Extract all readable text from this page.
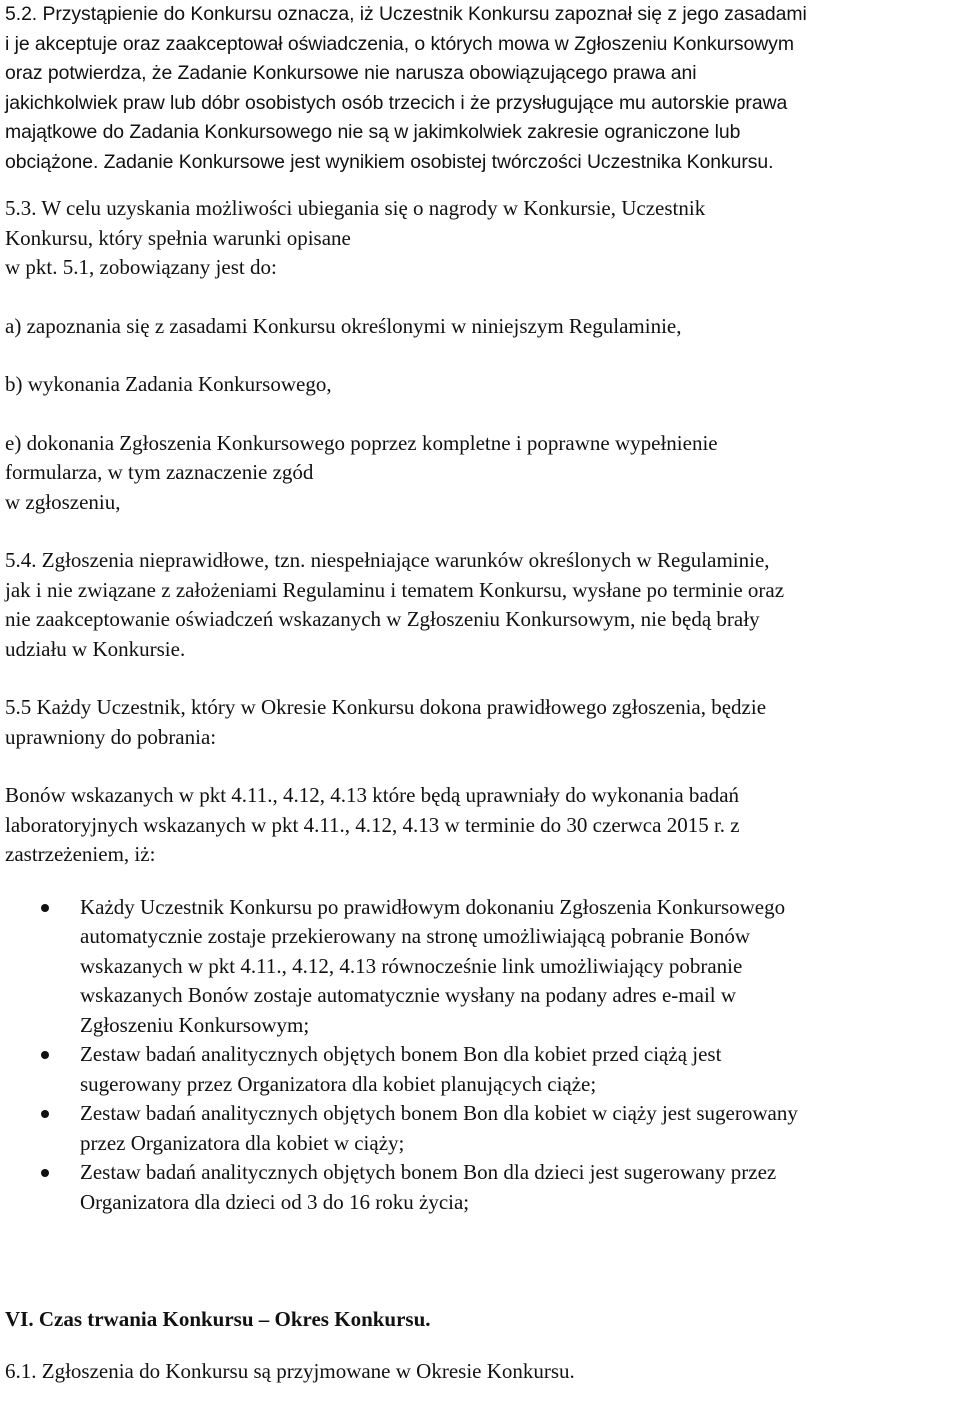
5.2. Przystąpienie do Konkursu oznacza, iż Uczestnik Konkursu zapoznał się z jego zasadami
i je akceptuje oraz zaakceptował oświadczenia, o których mowa w Zgłoszeniu Konkursowym
oraz potwierdza, że Zadanie Konkursowe nie narusza obowiązującego prawa ani
jakichkolwiek praw lub dóbr osobistych osób trzecich i że przysługujące mu autorskie prawa
majątkowe do Zadania Konkursowego nie są w jakimkolwiek zakresie ograniczone lub
obciążone. Zadanie Konkursowe jest wynikiem osobistej twórczości Uczestnika Konkursu.
5.3. W celu uzyskania możliwości ubiegania się o nagrody w Konkursie, Uczestnik
Konkursu, który spełnia warunki opisane
w pkt. 5.1, zobowiązany jest do:
a) zapoznania się z zasadami Konkursu określonymi w niniejszym Regulaminie,
b) wykonania Zadania Konkursowego,
e) dokonania Zgłoszenia Konkursowego poprzez kompletne i poprawne wypełnienie
formularza, w tym zaznaczenie zgód
w zgłoszeniu,
5.4. Zgłoszenia nieprawidłowe, tzn. niespełniające warunków określonych w Regulaminie,
jak i nie związane z założeniami Regulaminu i tematem Konkursu, wysłane po terminie oraz
nie zaakceptowanie oświadczeń wskazanych w Zgłoszeniu Konkursowym, nie będą brały
udziału w Konkursie.
5.5 Każdy Uczestnik, który w Okresie Konkursu dokona prawidłowego zgłoszenia, będzie
uprawniony do pobrania:
Bonów wskazanych w pkt 4.11., 4.12, 4.13 które będą uprawniały do wykonania badań
laboratoryjnych wskazanych w pkt 4.11., 4.12, 4.13 w terminie do 30 czerwca 2015 r. z
zastrzeżeniem, iż:
Każdy Uczestnik Konkursu po prawidłowym dokonaniu Zgłoszenia Konkursowego
automatycznie zostaje przekierowany na stronę umożliwiającą pobranie Bonów
wskazanych w pkt 4.11., 4.12, 4.13 równocześnie link umożliwiający pobranie
wskazanych Bonów zostaje automatycznie wysłany na podany adres e-mail w
Zgłoszeniu Konkursowym;
Zestaw badań analitycznych objętych bonem Bon dla kobiet przed ciążą jest
sugerowany przez Organizatora dla kobiet planujących ciąże;
Zestaw badań analitycznych objętych bonem Bon dla kobiet w ciąży jest sugerowany
przez Organizatora dla kobiet w ciąży;
Zestaw badań analitycznych objętych bonem Bon dla dzieci jest sugerowany przez
Organizatora dla dzieci od 3 do 16 roku życia;
VI. Czas trwania Konkursu – Okres Konkursu.
6.1. Zgłoszenia do Konkursu są przyjmowane w Okresie Konkursu.
